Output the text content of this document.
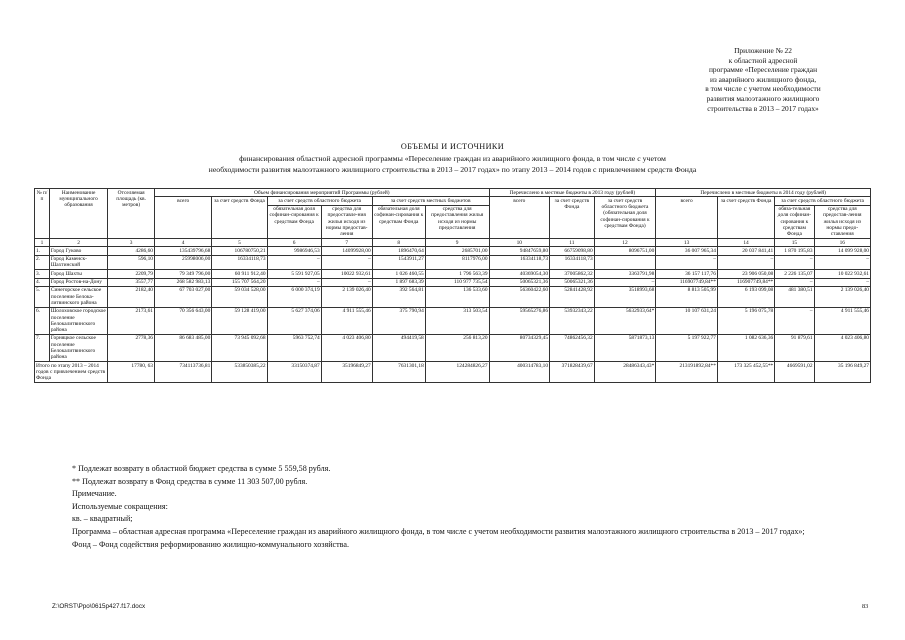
Приложение № 22
к областной адресной
программе «Переселение граждан
из аварийного жилищного фонда,
в том числе с учетом необходимости
развития малоэтажного жилищного
строительства в 2013 – 2017 годах»
ОБЪЕМЫ И ИСТОЧНИКИ
финансирования областной адресной программы «Переселение граждан из аварийного жилищного фонда, в том числе с учетом
необходимости развития малоэтажного жилищного строительства в 2013 – 2017 годах» по этапу 2013 – 2014 годов с привлечением средств Фонда
№ п/п	Наименование муниципального образования	Отселяемая площадь (кв. метров)	Объем финансирования мероприятий Программы (рублей)						Перечислено в местные бюджеты в 2013 году (рублей)			Перечислено в местные бюджеты в 2014 году (рублей)			
			всего	за счет средств Фонда	за счет средств областного бюджета		за счет средств местных бюджетов		всего	за счет средств Фонда	за счет средств областного бюджета (обязательная доля софинан-сирования к средствам Фонда)	всего	за счет средств Фонда	за счет средств областного бюджета	
					обязательная доля софинан-сирования к средствам Фонда	средства для предоставле-ния жилья исходя из нормы предостав-ления	обязательная доля софинан-сирования к средствам Фонда	средства для предоставления жилья исходя из нормы предоставления						обяза-тельная доля софинан-сирования к средствам Фонда	средства для предостав-ления жилья исходя из нормы предо-ставления
1	2	3	4	5	6	7	8	9	10	11	12	13	14	15	16
1.	Город Гуково	4286,60	135439796,68	106780750,21	9986946,53	14099928,00	1896470,64	2685701,00	94847659,80	66759098,80	8096751,00	36 007 965,34	20 037 841,41	1 870 195,83	14 099 928,00
2.	Город Каменск-Шахтинский	596,10	25998006,00	16334118,73	–	–	1543911,27	8117976,00	16334118,73	16334118,73		–	–	–	–
3.	Город Шахты	2209,79	79 349 796,00	60 911 912,40	5 591 927,05	10022 932,61	1 026 460,55	1 796 563,39	40369054,30	37005862,32	3363791,98	36 157 117,76	23 906 050,08	2 226 135,07	10 022 932,61
4.	Город Ростов-на-Дону	3557,77	268 582 983,13	155 707 564,20	–	–	1 897 683,39	110 977 735,54	50065321,36	50065321,36	–	116907749,84**	116907749,84**	–	–
5.	Синегорское сельское поселение Белока-литвинского района	2182,40	67 703 027,00	59 034 528,00	6 000 374,19	2 139 026,40	392 564,81	136 533,60	56360422,60	52841428,92	3518993,68	8 813 505,99	6 193 099,08	481 380,51	2 139 026,40
6.	Шолоховское городское поселение Белокалитвинского района	2173,61	70 356 643,00	59 128 419,00	5 627 374,06	4 911 555,46	375 790,94	313 503,54	59565276,86	53932343,22	5632933,64*	10 107 631,24	5 196 075,78	–	4 911 555,46
7.	Горняцкое сельское поселение Белокалитвинского района	2778,36	86 683 485,00	73 945 092,68	5963 752,74	4 023 406,80	494419,58	256 813,20	80734329,45	74862456,32	5871873,13	5 197 922,77	1 082 636,36	91 879,61	4 023 406,80
Итого по этапу 2013 – 2014 годов с привлечением средств Фонда		17780, 63	734113736,81	533850385,22	33150374,87	35196849,27	7631301,18	124284826,27	400314783,10	371828439,67	28486343,43*	213191892,84**	173 325 452,55**	4669591,02	35 196 849,27
* Подлежат возврату в областной бюджет средства в сумме 5 559,58 рубля.
** Подлежат возврату в Фонд средства в сумме 11 303 507,00 рубля.
Примечание.
Используемые сокращения:
кв. – квадратный;
Программа – областная адресная программа «Переселение граждан из аварийного жилищного фонда, в том числе с учетом необходимости развития малоэтажного жилищного строительства в 2013 – 2017 годах»;
Фонд – Фонд содействия реформированию жилищно-коммунального хозяйства.
Z:\ORST\Ppo\0615p427.f17.docx	83
